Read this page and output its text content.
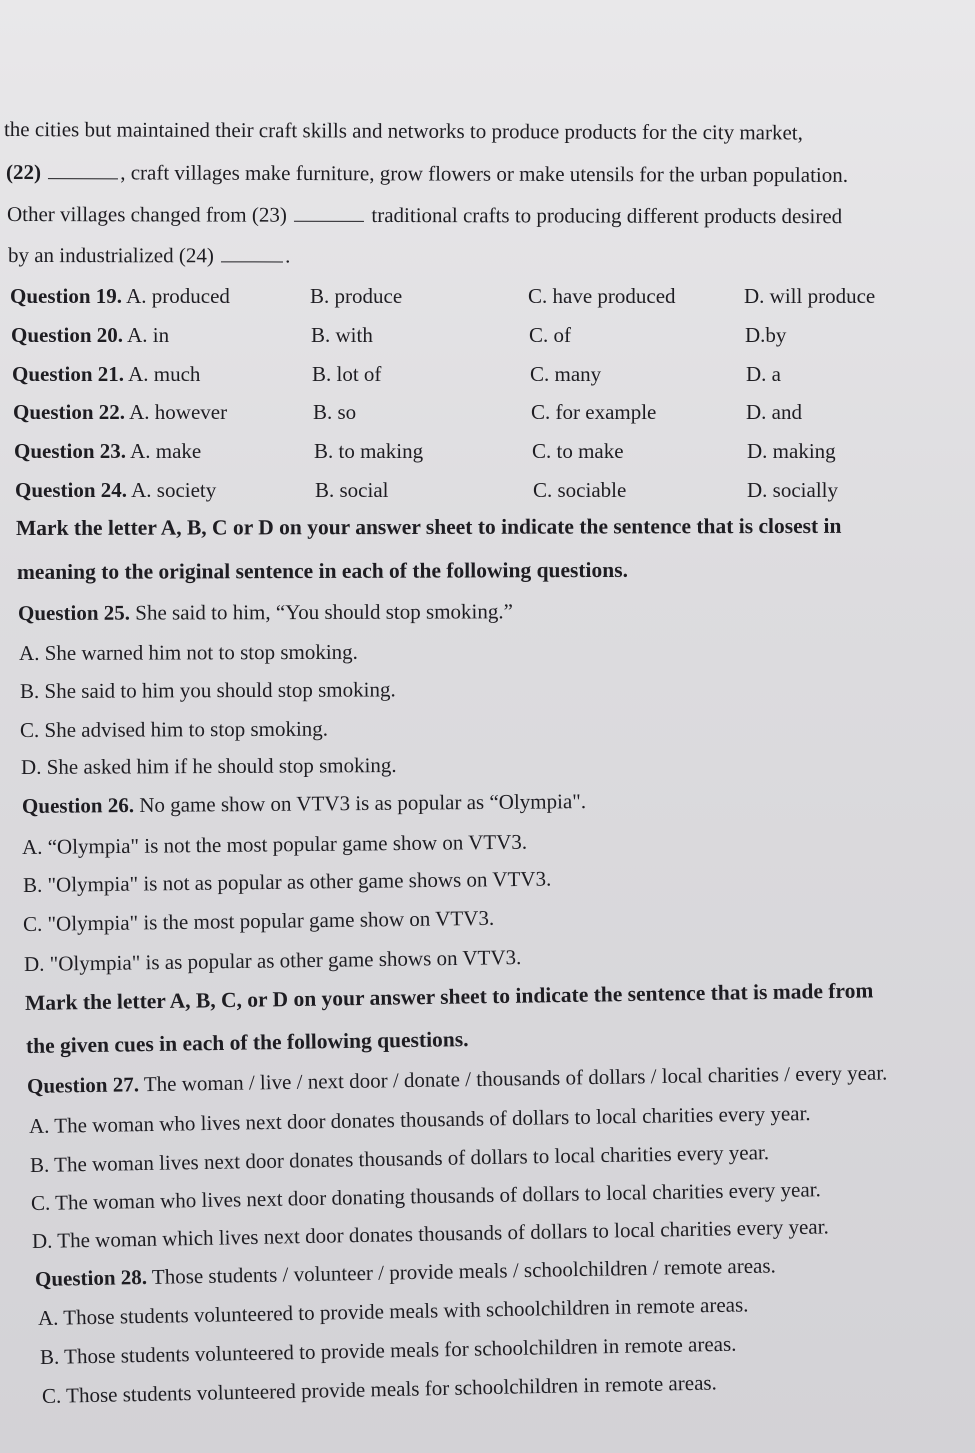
the cities but maintained their craft skills and networks to produce products for the city market,
(22)	, craft villages make furniture, grow flowers or make utensils for the urban population.
Other villages changed from (23)	traditional crafts to producing different products desired
by an industrialized (24)	.
Question 19. A. produced	B. produce	C. have produced	D. will produce
Question 20. A. in	B. with	C. of	D.by
Question 21. A. much	B. lot of	C. many	D. a
Question 22. A. however	B. so	C. for example	D. and
Question 23. A. make	B. to making	C. to make	D. making
Question 24. A. society	B. social	C. sociable	D. socially
Mark the letter A, B, C or D on your answer sheet to indicate the sentence that is closest in
meaning to the original sentence in each of the following questions.
Question 25. She said to him, “You should stop smoking.”
A. She warned him not to stop smoking.
B. She said to him you should stop smoking.
C. She advised him to stop smoking.
D. She asked him if he should stop smoking.
Question 26. No game show on VTV3 is as popular as “Olympia".
A. “Olympia" is not the most popular game show on VTV3.
B. "Olympia" is not as popular as other game shows on VTV3.
C. "Olympia" is the most popular game show on VTV3.
D. "Olympia" is as popular as other game shows on VTV3.
Mark the letter A, B, C, or D on your answer sheet to indicate the sentence that is made from
the given cues in each of the following questions.
Question 27. The woman / live / next door / donate / thousands of dollars / local charities / every year.
A. The woman who lives next door donates thousands of dollars to local charities every year.
B. The woman lives next door donates thousands of dollars to local charities every year.
C. The woman who lives next door donating thousands of dollars to local charities every year.
D. The woman which lives next door donates thousands of dollars to local charities every year.
Question 28. Those students / volunteer / provide meals / schoolchildren / remote areas.
A. Those students volunteered to provide meals with schoolchildren in remote areas.
B. Those students volunteered to provide meals for schoolchildren in remote areas.
C. Those students volunteered provide meals for schoolchildren in remote areas.
